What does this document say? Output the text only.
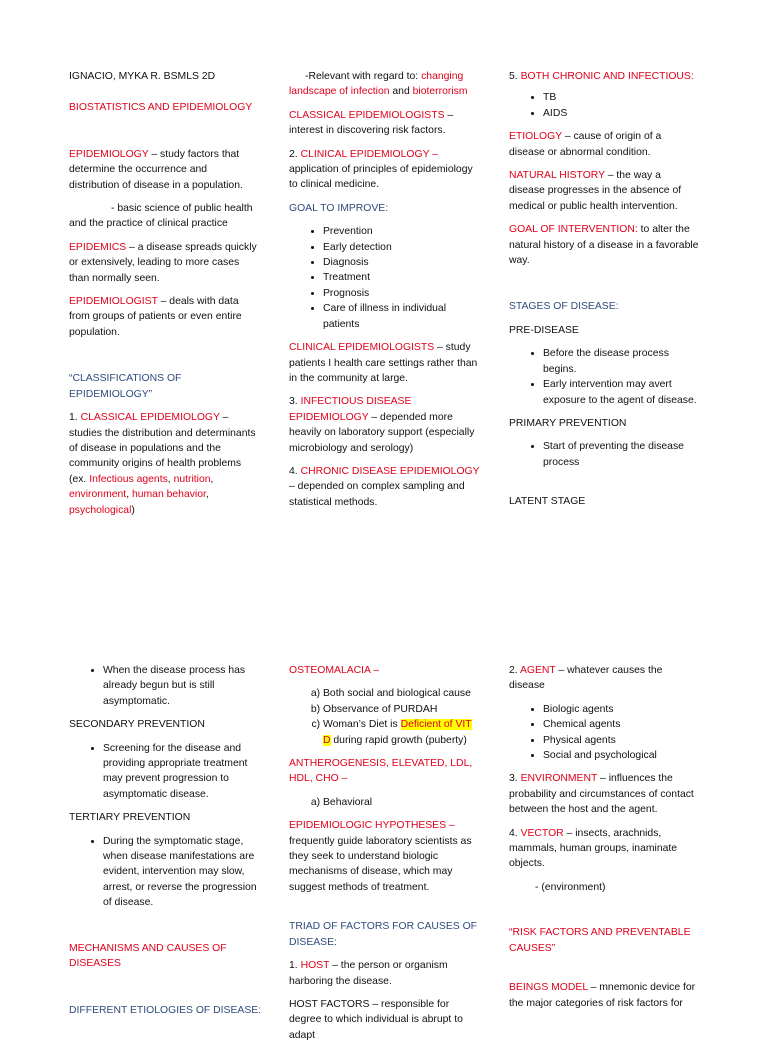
IGNACIO, MYKA R. BSMLS 2D

BIOSTATISTICS AND EPIDEMIOLOGY

EPIDEMIOLOGY – study factors that determine the occurrence and distribution of disease in a population.

- basic science of public health and the practice of clinical practice

EPIDEMICS – a disease spreads quickly or extensively, leading to more cases than normally seen.

EPIDEMIOLOGIST – deals with data from groups of patients or even entire population.

“CLASSIFICATIONS OF EPIDEMIOLOGY”

1. CLASSICAL EPIDEMIOLOGY – studies the distribution and determinants of disease in populations and the community origins of health problems (ex. Infectious agents, nutrition, environment, human behavior, psychological)

-Relevant with regard to: changing landscape of infection and bioterrorism

CLASSICAL EPIDEMIOLOGISTS – interest in discovering risk factors.

2. CLINICAL EPIDEMIOLOGY – application of principles of epidemiology to clinical medicine.

GOAL TO IMPROVE:

• Prevention
• Early detection
• Diagnosis
• Treatment
• Prognosis
• Care of illness in individual patients

CLINICAL EPIDEMIOLOGISTS – study patients I health care settings rather than in the community at large.

3. INFECTIOUS DISEASE EPIDEMIOLOGY – depended more heavily on laboratory support (especially microbiology and serology)

4. CHRONIC DISEASE EPIDEMIOLOGY – depended on complex sampling and statistical methods.

5. BOTH CHRONIC AND INFECTIOUS:

• TB
• AIDS

ETIOLOGY – cause of origin of a disease or abnormal condition.

NATURAL HISTORY – the way a disease progresses in the absence of medical or public health intervention.

GOAL OF INTERVENTION: to alter the natural history of a disease in a favorable way.

STAGES OF DISEASE:

PRE-DISEASE

• Before the disease process begins.
• Early intervention may avert exposure to the agent of disease.

PRIMARY PREVENTION

• Start of preventing the disease process

LATENT STAGE

• When the disease process has already begun but is still asymptomatic.

SECONDARY PREVENTION

• Screening for the disease and providing appropriate treatment may prevent progression to asymptomatic disease.

TERTIARY PREVENTION

• During the symptomatic stage, when disease manifestations are evident, intervention may slow, arrest, or reverse the progression of disease.

MECHANISMS AND CAUSES OF DISEASES

DIFFERENT ETIOLOGIES OF DISEASE:

OSTEOMALACIA –

a. Both social and biological cause
b. Observance of PURDAH
c. Woman’s Diet is Deficient of VIT D during rapid growth (puberty)

ANTHEROGENESIS, ELEVATED, LDL, HDL, CHO –

a. Behavioral

EPIDEMIOLOGIC HYPOTHESES – frequently guide laboratory scientists as they seek to understand biologic mechanisms of disease, which may suggest methods of treatment.

TRIAD OF FACTORS FOR CAUSES OF DISEASE:

1. HOST – the person or organism harboring the disease.

HOST FACTORS – responsible for degree to which individual is abrupt to adapt

2. AGENT – whatever causes the disease

• Biologic agents
• Chemical agents
• Physical agents
• Social and psychological

3. ENVIRONMENT – influences the probability and circumstances of contact between the host and the agent.

4. VECTOR – insects, arachnids, mammals, human groups, inaminate objects.

- (environment)

“RISK FACTORS AND PREVENTABLE CAUSES”

BEINGS MODEL – mnemonic device for the major categories of risk factors for
